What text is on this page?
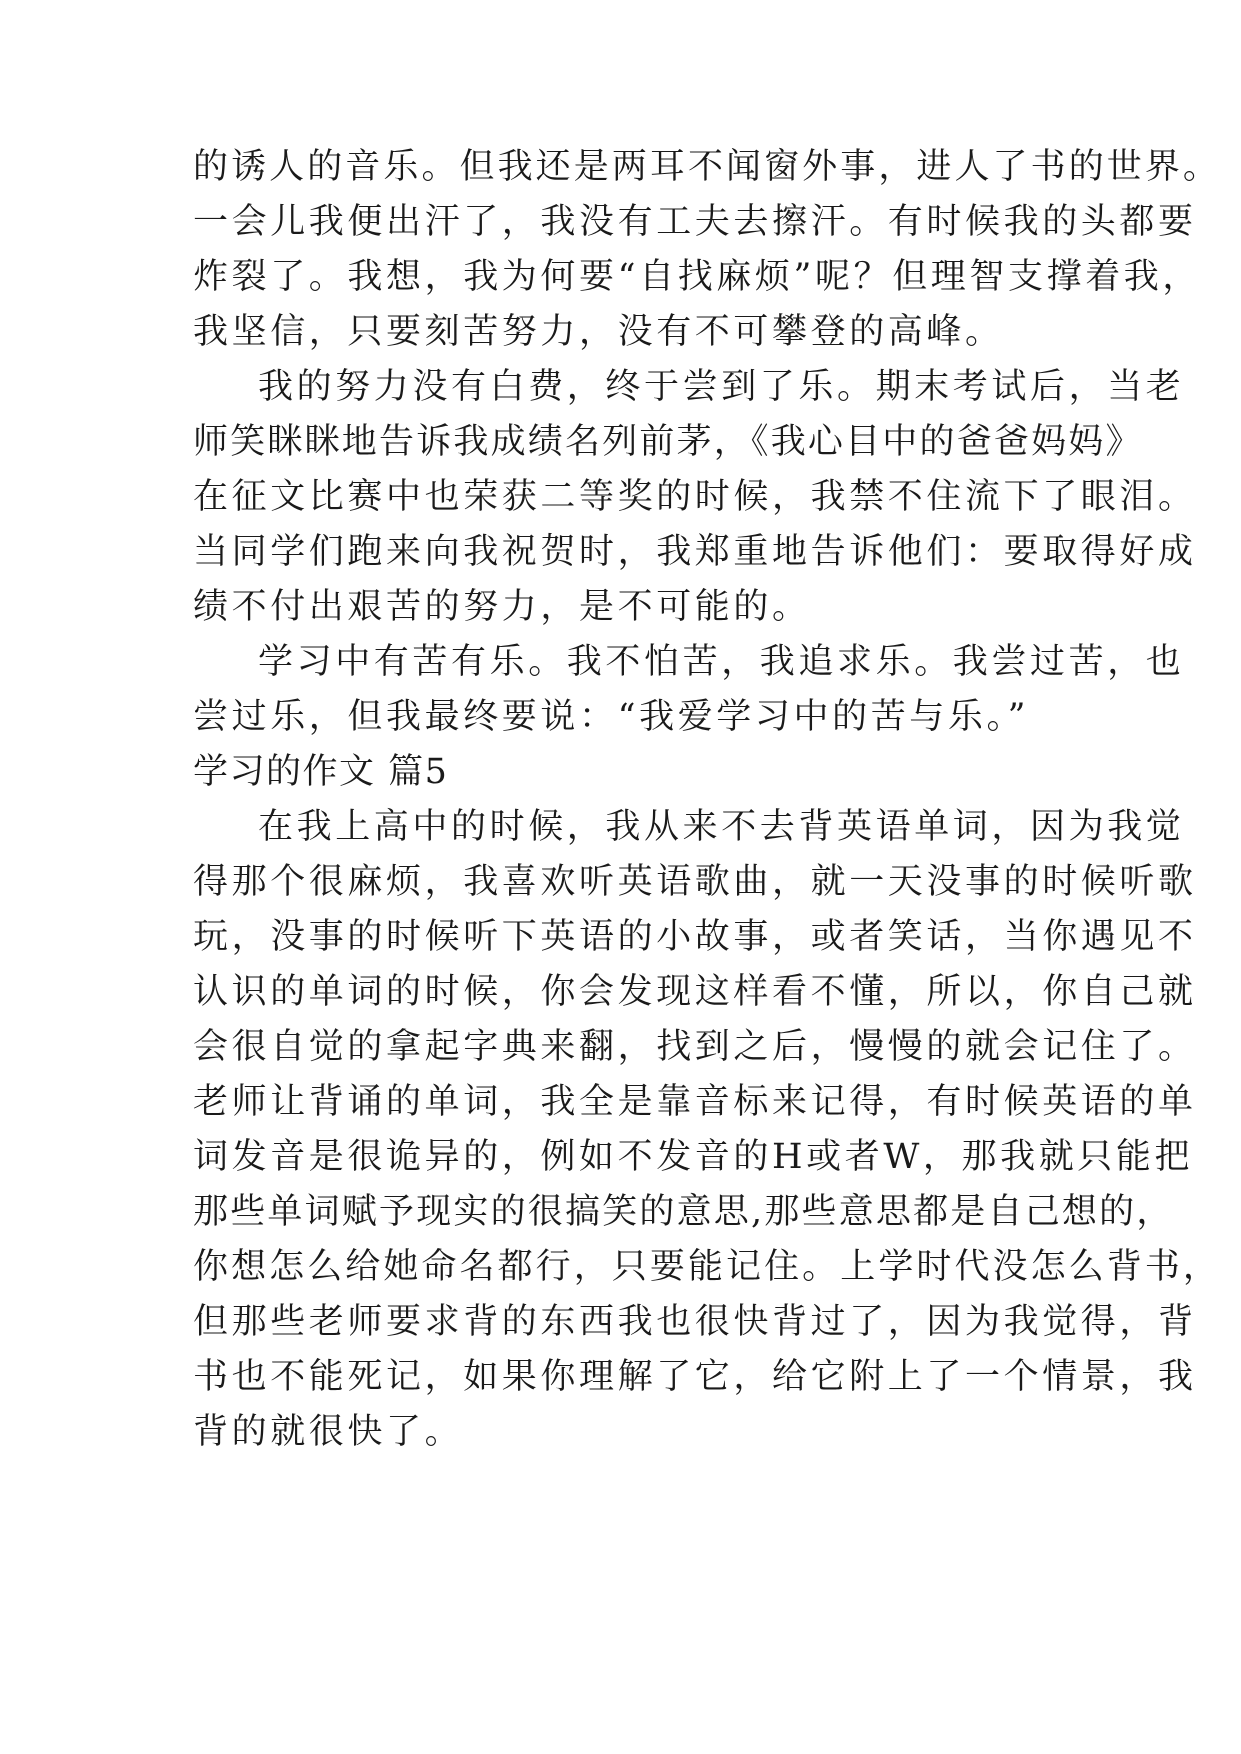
的诱人的音乐。但我还是两耳不闻窗外事，进人了书的世界。
一会儿我便出汗了，我没有工夫去擦汗。有时候我的头都要
炸裂了。我想，我为何要“自找麻烦”呢？但理智支撑着我，
我坚信，只要刻苦努力，没有不可攀登的高峰。
我的努力没有白费，终于尝到了乐。期末考试后，当老
师笑眯眯地告诉我成绩名列前茅，《我心目中的爸爸妈妈》
在征文比赛中也荣获二等奖的时候，我禁不住流下了眼泪。
当同学们跑来向我祝贺时，我郑重地告诉他们：要取得好成
绩不付出艰苦的努力，是不可能的。
学习中有苦有乐。我不怕苦，我追求乐。我尝过苦，也
尝过乐，但我最终要说：“我爱学习中的苦与乐。”
学习的作文 篇5
在我上高中的时候，我从来不去背英语单词，因为我觉
得那个很麻烦，我喜欢听英语歌曲，就一天没事的时候听歌
玩，没事的时候听下英语的小故事，或者笑话，当你遇见不
认识的单词的时候，你会发现这样看不懂，所以，你自己就
会很自觉的拿起字典来翻，找到之后，慢慢的就会记住了。
老师让背诵的单词，我全是靠音标来记得，有时候英语的单
词发音是很诡异的，例如不发音的H或者W，那我就只能把
那些单词赋予现实的很搞笑的意思,那些意思都是自己想的，
你想怎么给她命名都行，只要能记住。上学时代没怎么背书，
但那些老师要求背的东西我也很快背过了，因为我觉得，背
书也不能死记，如果你理解了它，给它附上了一个情景，我
背的就很快了。
